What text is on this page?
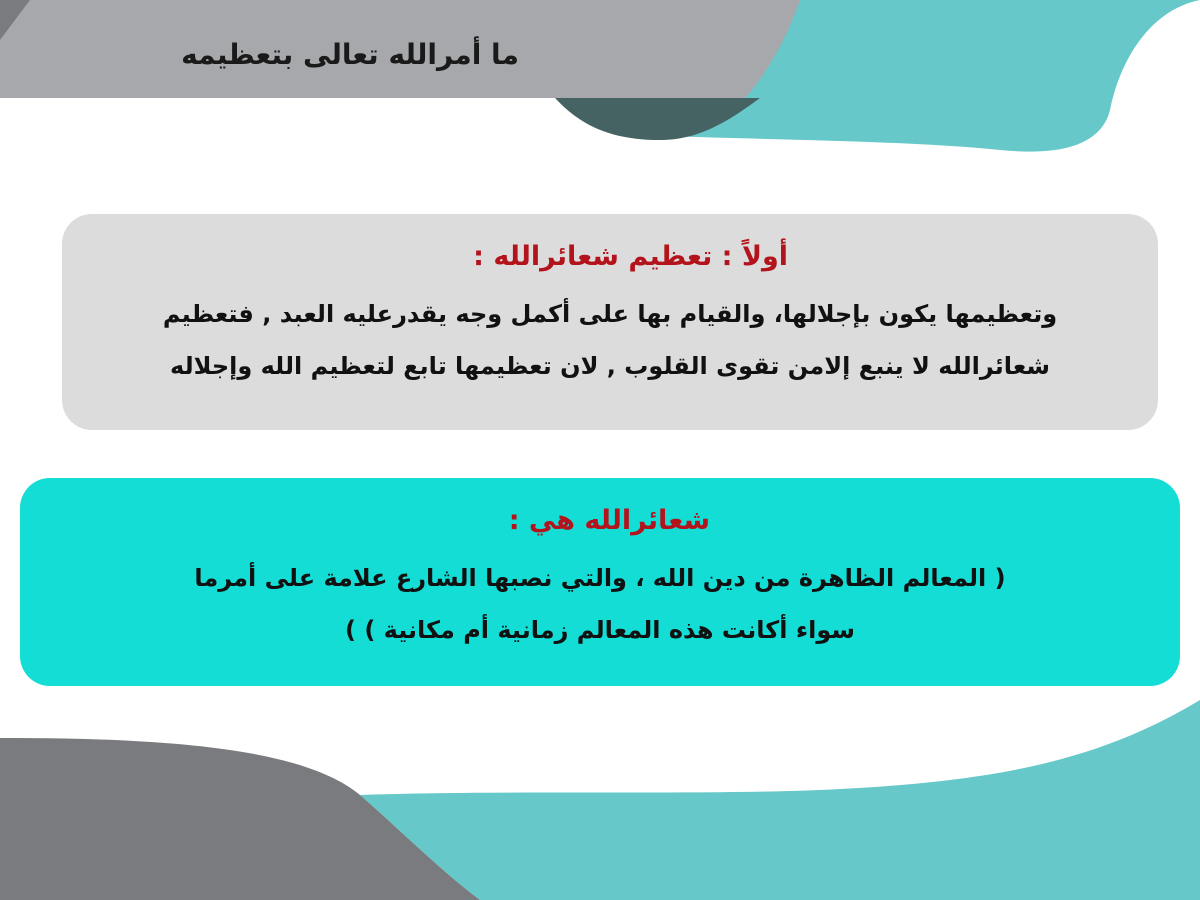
ما أمرالله تعالى بتعظيمه

أولاً : تعظيم شعائرالله :

وتعظيمها يكون بإجلالها، والقيام بها على أكمل وجه يقدرعليه العبد , فتعظيم
شعائرالله لا ينبع إلامن تقوى القلوب , لان تعظيمها تابع لتعظيم الله وإجلاله

شعائرالله هي :

( المعالم الظاهرة من دين الله ، والتي نصبها الشارع علامة على أمرما
سواء أكانت هذه المعالم زمانية أم مكانية ) )
